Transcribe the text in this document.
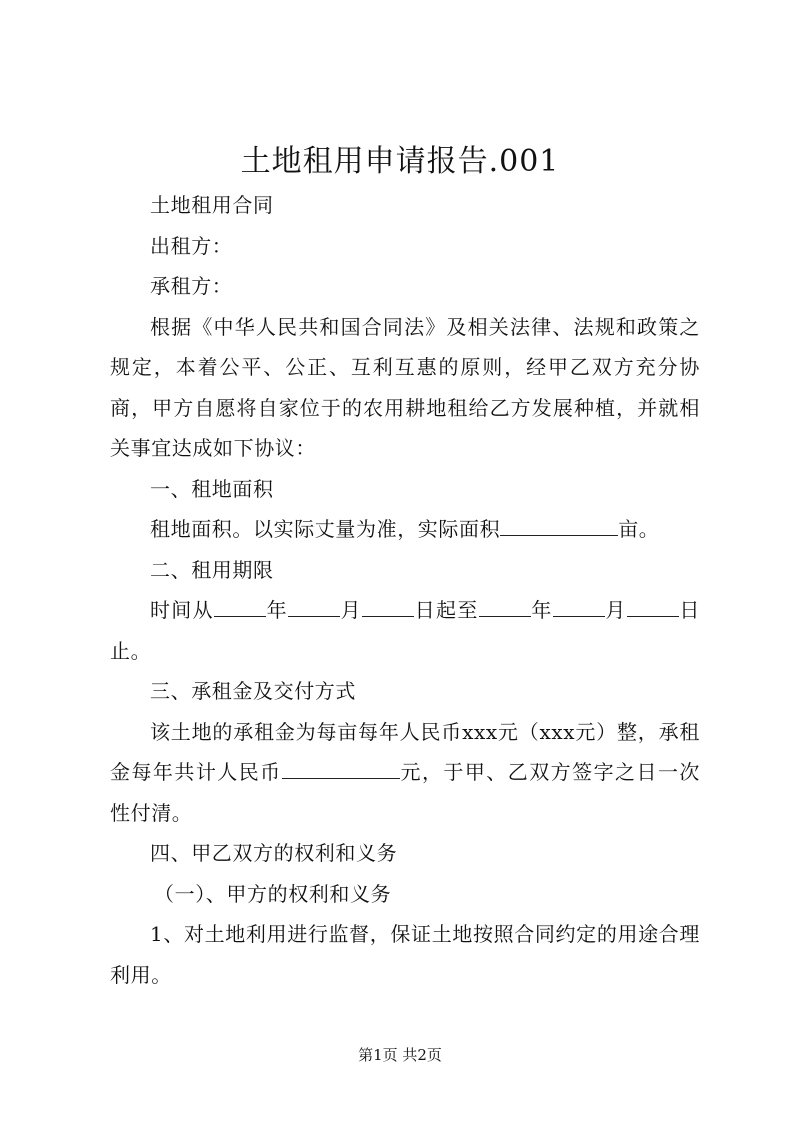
土地租用申请报告.001

土地租用合同

出租方：

承租方：

根据《中华人民共和国合同法》及相关法律、法规和政策之规定，本着公平、公正、互利互惠的原则，经甲乙双方充分协商，甲方自愿将自家位于的农用耕地租给乙方发展种植，并就相关事宜达成如下协议：

一、租地面积

租地面积。以实际丈量为准，实际面积	亩。

二、租用期限

时间从	年	月	日起至	年	月	日止。

三、承租金及交付方式

该土地的承租金为每亩每年人民币xxx元（xxx元）整，承租金每年共计人民币	元，于甲、乙双方签字之日一次性付清。

四、甲乙双方的权利和义务

（一）、甲方的权利和义务

1、对土地利用进行监督，保证土地按照合同约定的用途合理利用。

第1页 共2页
